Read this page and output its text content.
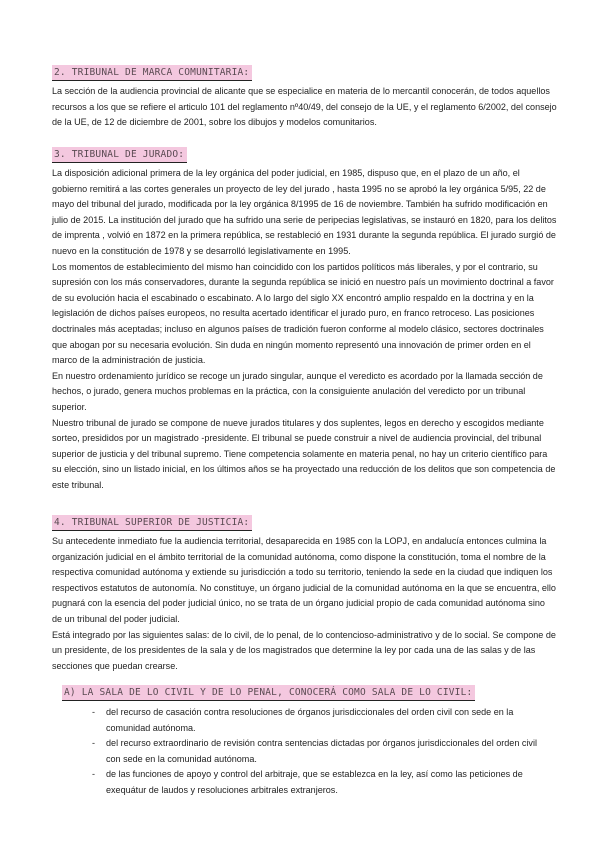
2. TRIBUNAL DE MARCA COMUNITARIA:

La sección de la audiencia provincial de alicante que se especialice en materia de lo mercantil conocerán, de todos aquellos recursos a los que se refiere el articulo 101 del reglamento nº40/49, del consejo de la UE, y el reglamento 6/2002, del consejo de la UE, de 12 de diciembre de 2001, sobre los dibujos y modelos comunitarios.

3. TRIBUNAL DE JURADO:

La disposición adicional primera de la ley orgánica del poder judicial, en 1985, dispuso que, en el plazo de un año, el gobierno remitirá a las cortes generales un proyecto de ley del jurado , hasta 1995 no se aprobó la ley orgánica 5/95, 22 de mayo del tribunal del jurado, modificada por la ley orgánica 8/1995 de 16 de noviembre. También ha sufrido modificación en julio de 2015. La institución del jurado que ha sufrido una serie de peripecias legislativas, se instauró en 1820, para los delitos de imprenta , volvió en 1872 en la primera república, se restableció en 1931 durante la segunda república. El jurado surgió de nuevo en la constitución de 1978 y se desarrolló legislativamente en 1995.

Los momentos de establecimiento del mismo han coincidido con los partidos políticos más liberales, y por el contrario, su supresión con los más conservadores, durante la segunda república se inició en nuestro país un movimiento doctrinal a favor de su evolución hacia el escabinado o escabinato. A lo largo del siglo XX encontró amplio respaldo en la doctrina y en la legislación de dichos países europeos, no resulta acertado identificar el jurado puro, en franco retroceso. Las posiciones doctrinales más aceptadas; incluso en algunos países de tradición fueron conforme al modelo clásico, sectores doctrinales que abogan por su necesaria evolución. Sin duda en ningún momento representó una innovación de primer orden en el marco de la administración de justicia.

En nuestro ordenamiento jurídico se recoge un jurado singular, aunque el veredicto es acordado por la llamada sección de hechos, o jurado, genera muchos problemas en la práctica, con la consiguiente anulación del veredicto por un tribunal superior.

Nuestro tribunal de jurado se compone de nueve jurados titulares y dos suplentes, legos en derecho y escogidos mediante sorteo, presididos por un magistrado -presidente. El tribunal se puede construir a nivel de audiencia provincial, del tribunal superior de justicia y del tribunal supremo. Tiene competencia solamente en materia penal, no hay un criterio científico para su elección, sino un listado inicial, en los últimos años se ha proyectado una reducción de los delitos que son competencia de este tribunal.

4. TRIBUNAL SUPERIOR DE JUSTICIA:

Su antecedente inmediato fue la audiencia territorial, desaparecida en 1985 con la LOPJ, en andalucía entonces culmina la organización judicial en el ámbito territorial de la comunidad autónoma, como dispone la constitución, toma el nombre de la respectiva comunidad autónoma y extiende su jurisdicción a todo su territorio, teniendo la sede en la ciudad que indiquen los respectivos estatutos de autonomía. No constituye, un órgano judicial de la comunidad autónoma en la que se encuentra, ello pugnará con la esencia del poder judicial único, no se trata de un órgano judicial propio de cada comunidad autónoma sino de un tribunal del poder judicial.

Está integrado por las siguientes salas: de lo civil, de lo penal, de lo contencioso-administrativo y de lo social. Se compone de un presidente, de los presidentes de la sala y de los magistrados que determine la ley por cada una de las salas y de las secciones que puedan crearse.

A) LA SALA DE LO CIVIL Y DE LO PENAL, CONOCERÁ COMO SALA DE LO CIVIL:
- del recurso de casación contra resoluciones de órganos jurisdiccionales del orden civil con sede en la comunidad autónoma.
- del recurso extraordinario de revisión contra sentencias dictadas por órganos jurisdiccionales del orden civil con sede en la comunidad autónoma.
- de las funciones de apoyo y control del arbitraje, que se establezca en la ley, así como las peticiones de exequátur de laudos y resoluciones arbitrales extranjeros.
